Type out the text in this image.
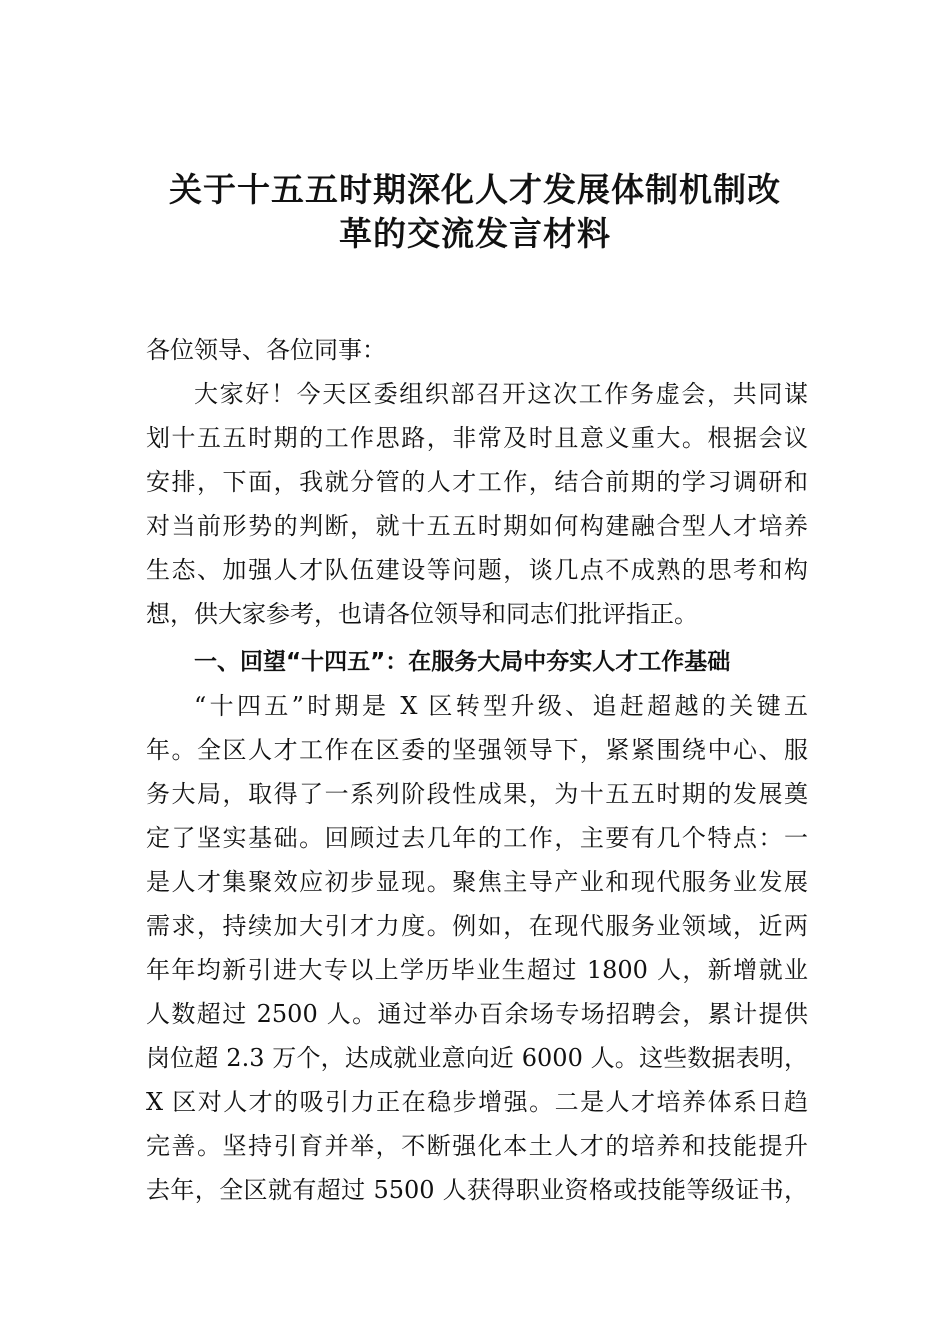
关于十五五时期深化人才发展体制机制改
革的交流发言材料
各位领导、各位同事：
大家好！今天区委组织部召开这次工作务虚会，共同谋
划十五五时期的工作思路，非常及时且意义重大。根据会议
安排，下面，我就分管的人才工作，结合前期的学习调研和
对当前形势的判断，就十五五时期如何构建融合型人才培养
生态、加强人才队伍建设等问题，谈几点不成熟的思考和构
想，供大家参考，也请各位领导和同志们批评指正。
一、回望“十四五”：在服务大局中夯实人才工作基础
“十四五”时期是 X 区转型升级、追赶超越的关键五
年。全区人才工作在区委的坚强领导下，紧紧围绕中心、服
务大局，取得了一系列阶段性成果，为十五五时期的发展奠
定了坚实基础。回顾过去几年的工作，主要有几个特点：一
是人才集聚效应初步显现。聚焦主导产业和现代服务业发展
需求，持续加大引才力度。例如，在现代服务业领域，近两
年年均新引进大专以上学历毕业生超过 1800 人，新增就业
人数超过 2500 人。通过举办百余场专场招聘会，累计提供
岗位超 2.3 万个，达成就业意向近 6000 人。这些数据表明，
X 区对人才的吸引力正在稳步增强。二是人才培养体系日趋
完善。坚持引育并举，不断强化本土人才的培养和技能提升
去年，全区就有超过 5500 人获得职业资格或技能等级证书，
